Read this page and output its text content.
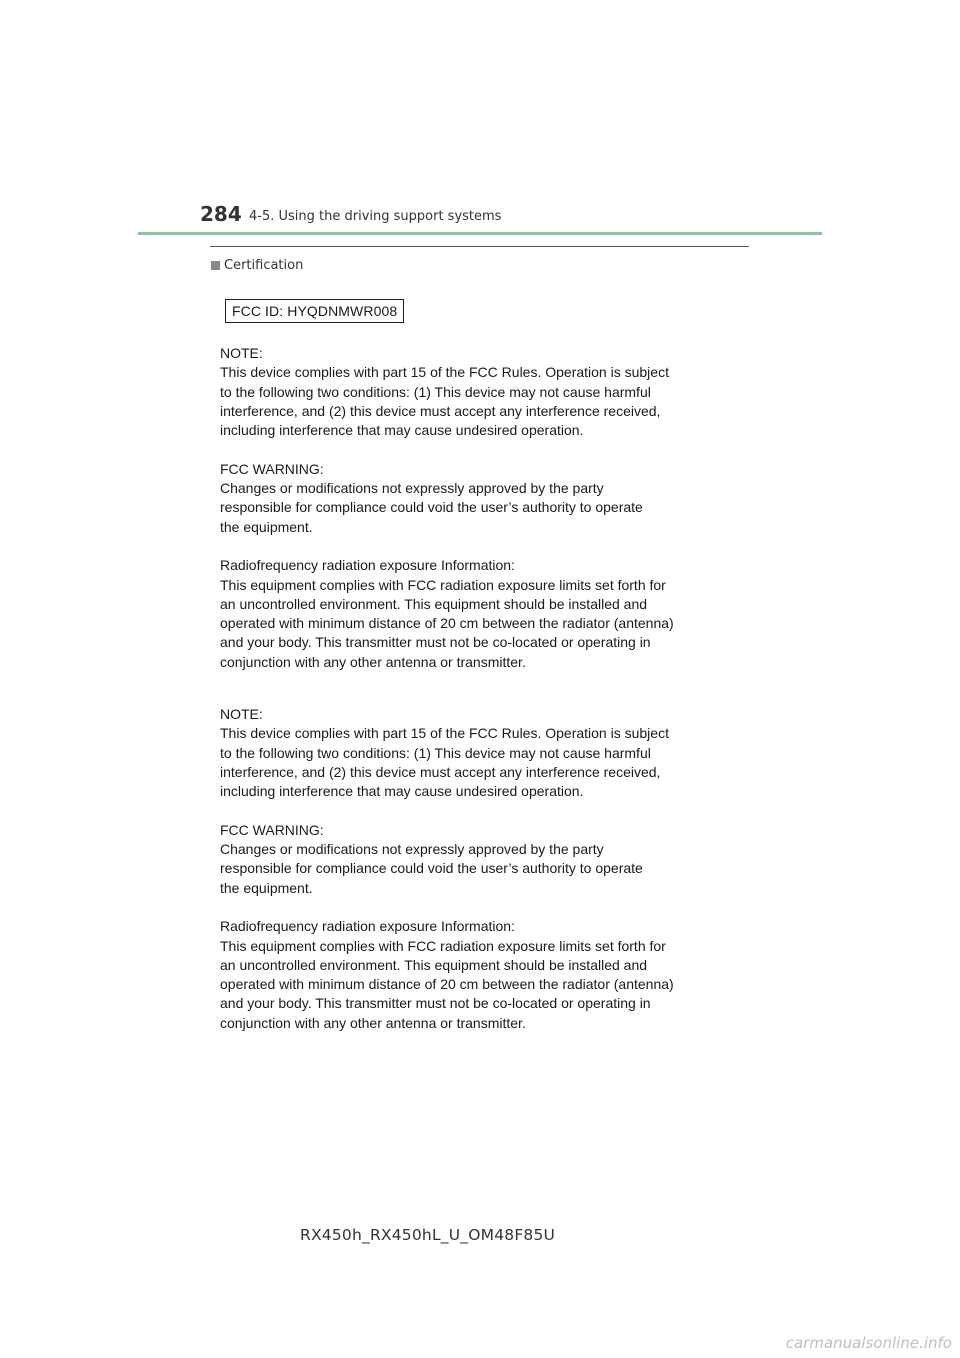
284 4-5. Using the driving support systems
Certification
FCC ID: HYQDNMWR008

NOTE:

This device complies with part 15 of the FCC Rules. Operation is subject

to the following two conditions: (1) This device may not cause harmful

interference, and (2) this device must accept any interference received,

including interference that may cause undesired operation.

FCC WARNING:

Changes or modifications not expressly approved by the party

responsible for compliance could void the user’s authority to operate

the equipment.

Radiofrequency radiation exposure Information:

This equipment complies with FCC radiation exposure limits set forth for

an uncontrolled environment. This equipment should be installed and

operated with minimum distance of 20 cm between the radiator (antenna)

and your body. This transmitter must not be co-located or operating in

conjunction with any other antenna or transmitter.

NOTE:

This device complies with part 15 of the FCC Rules. Operation is subject

to the following two conditions: (1) This device may not cause harmful

interference, and (2) this device must accept any interference received,

including interference that may cause undesired operation.

FCC WARNING:

Changes or modifications not expressly approved by the party

responsible for compliance could void the user’s authority to operate

the equipment.

Radiofrequency radiation exposure Information:

This equipment complies with FCC radiation exposure limits set forth for

an uncontrolled environment. This equipment should be installed and

operated with minimum distance of 20 cm between the radiator (antenna)

and your body. This transmitter must not be co-located or operating in

conjunction with any other antenna or transmitter.

RX450h_RX450hL_U_OM48F85U
carmanualsonline.info
